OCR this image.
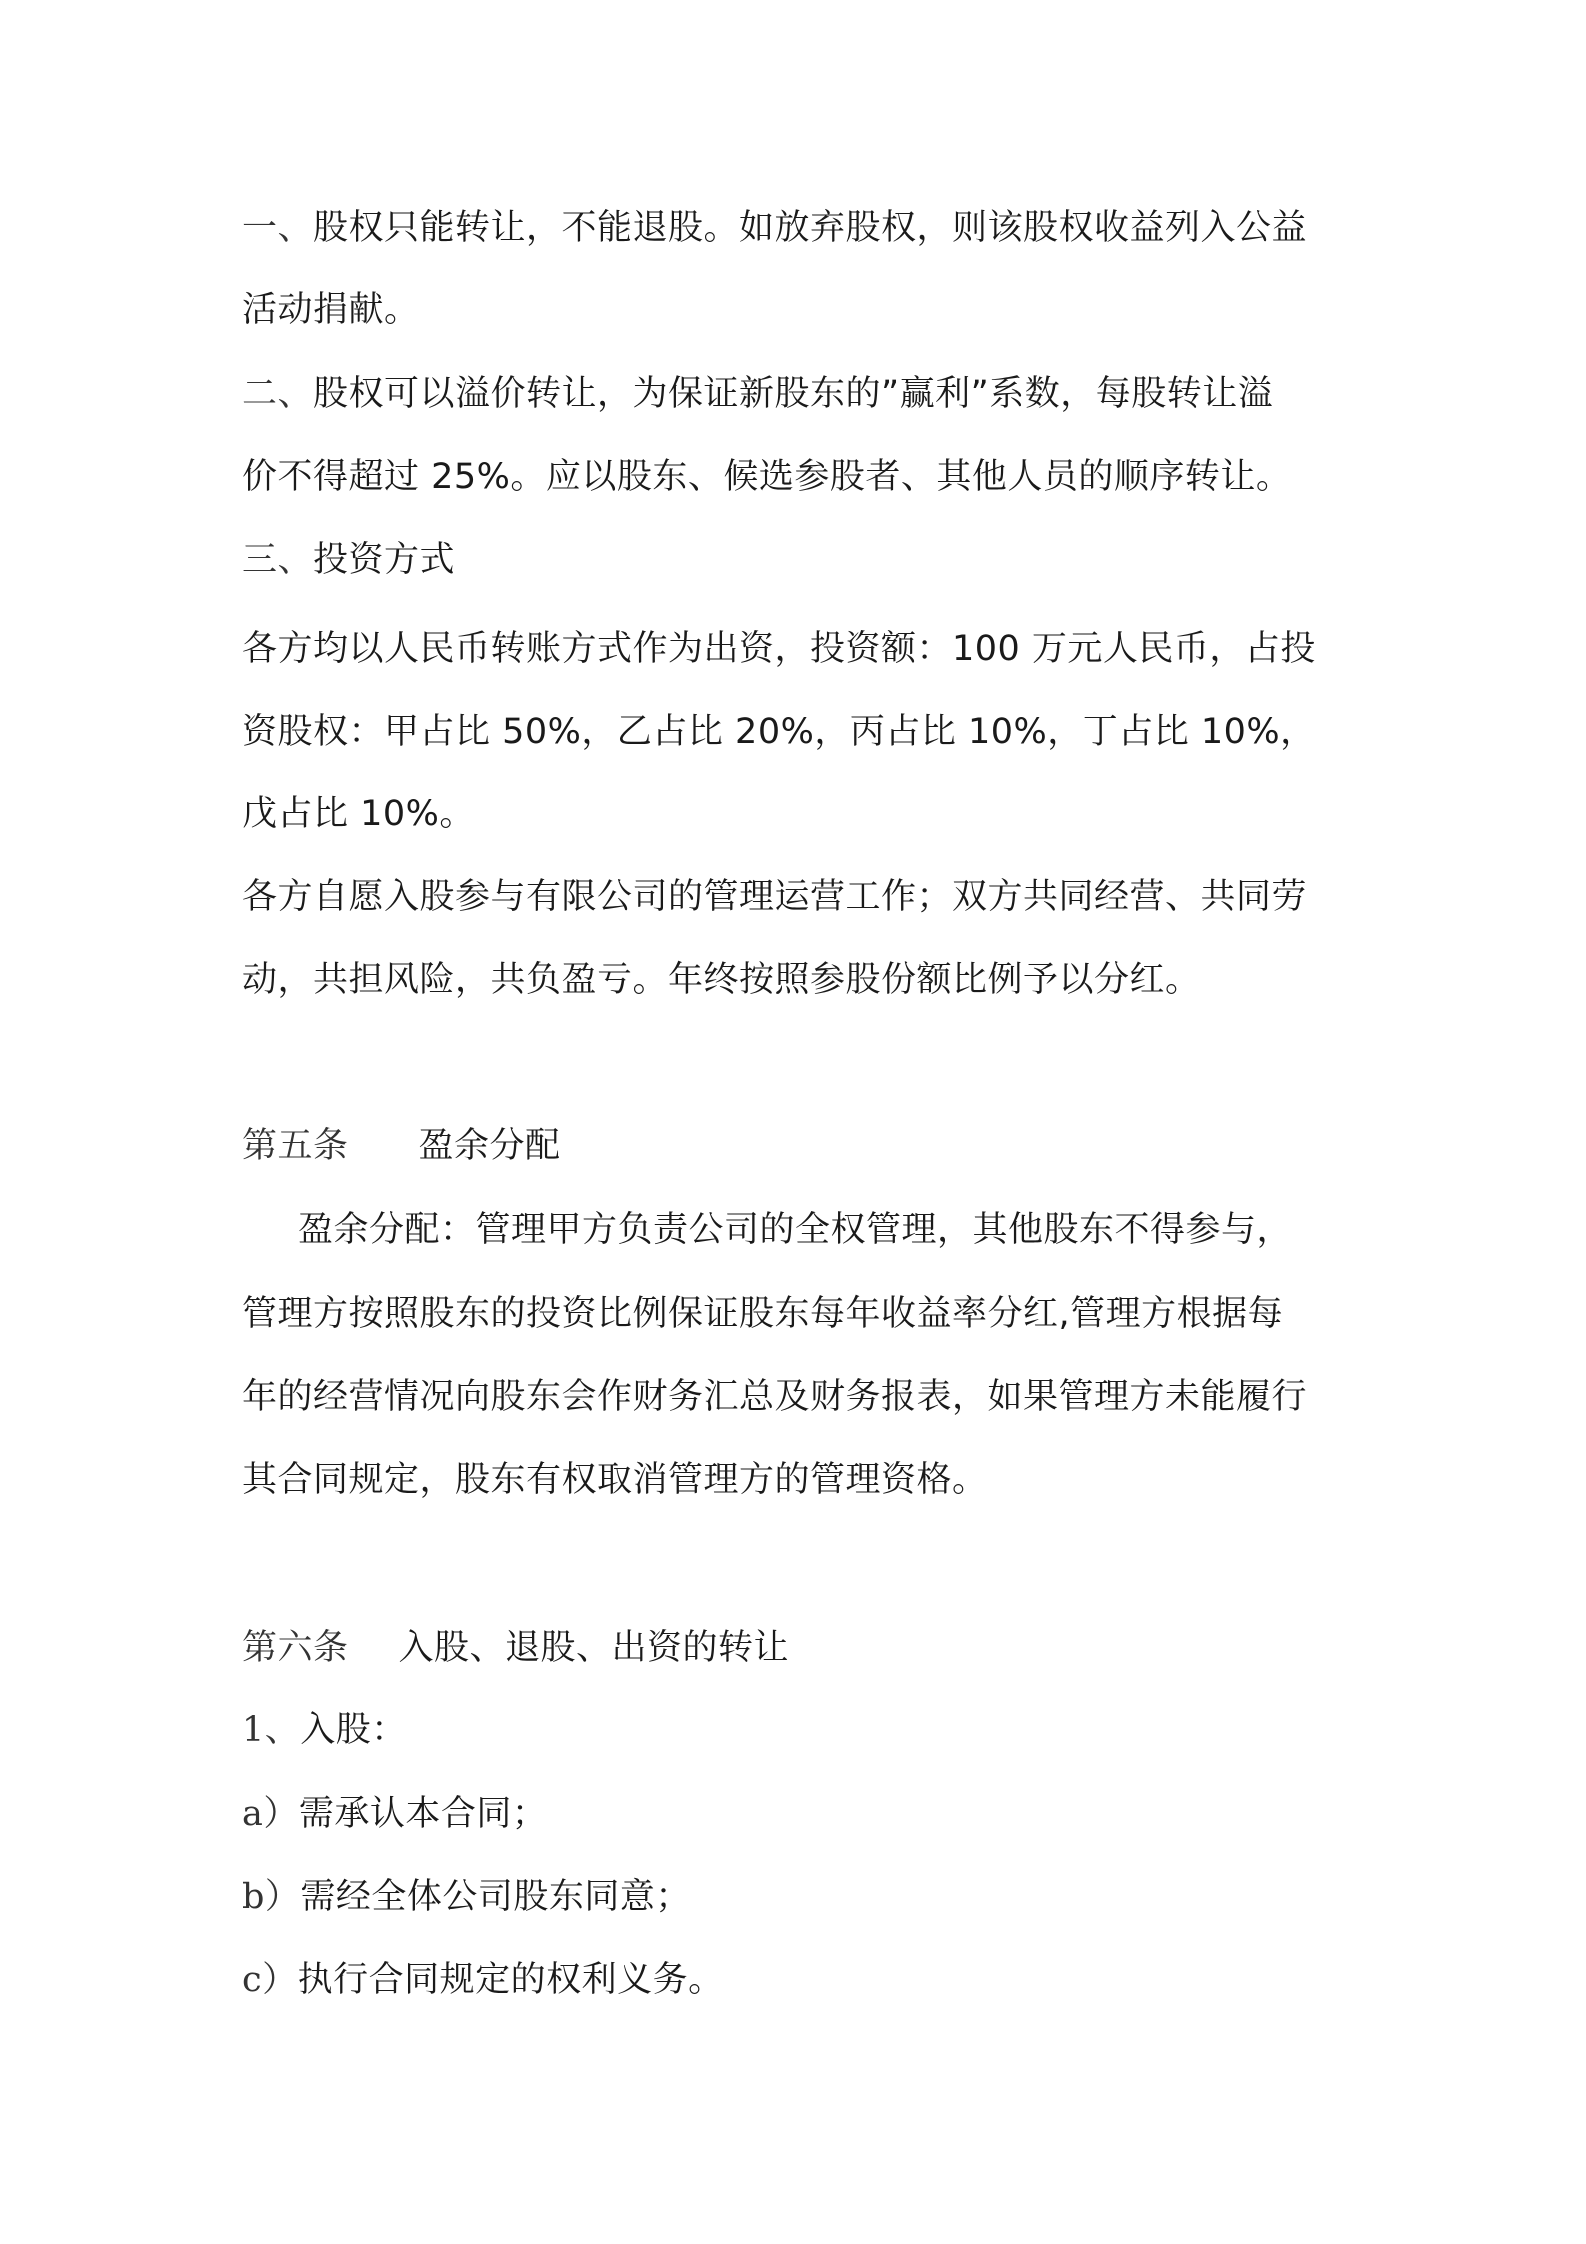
一、股权只能转让，不能退股。如放弃股权，则该股权收益列入公益
活动捐献。
二、股权可以溢价转让，为保证新股东的”赢利”系数，每股转让溢
价不得超过 25%。应以股东、候选参股者、其他人员的顺序转让。
三、投资方式
各方均以人民币转账方式作为出资，投资额：100 万元人民币，占投
资股权：甲占比 50%，乙占比 20%，丙占比 10%，丁占比 10%，
戊占比 10%。
各方自愿入股参与有限公司的管理运营工作；双方共同经营、共同劳
动，共担风险，共负盈亏。年终按照参股份额比例予以分红。
第五条 盈余分配
盈余分配：管理甲方负责公司的全权管理，其他股东不得参与，
管理方按照股东的投资比例保证股东每年收益率分红,管理方根据每
年的经营情况向股东会作财务汇总及财务报表，如果管理方未能履行
其合同规定，股东有权取消管理方的管理资格。
第六条 入股、退股、出资的转让
1、入股：
a）需承认本合同；
b）需经全体公司股东同意；
c）执行合同规定的权利义务。
